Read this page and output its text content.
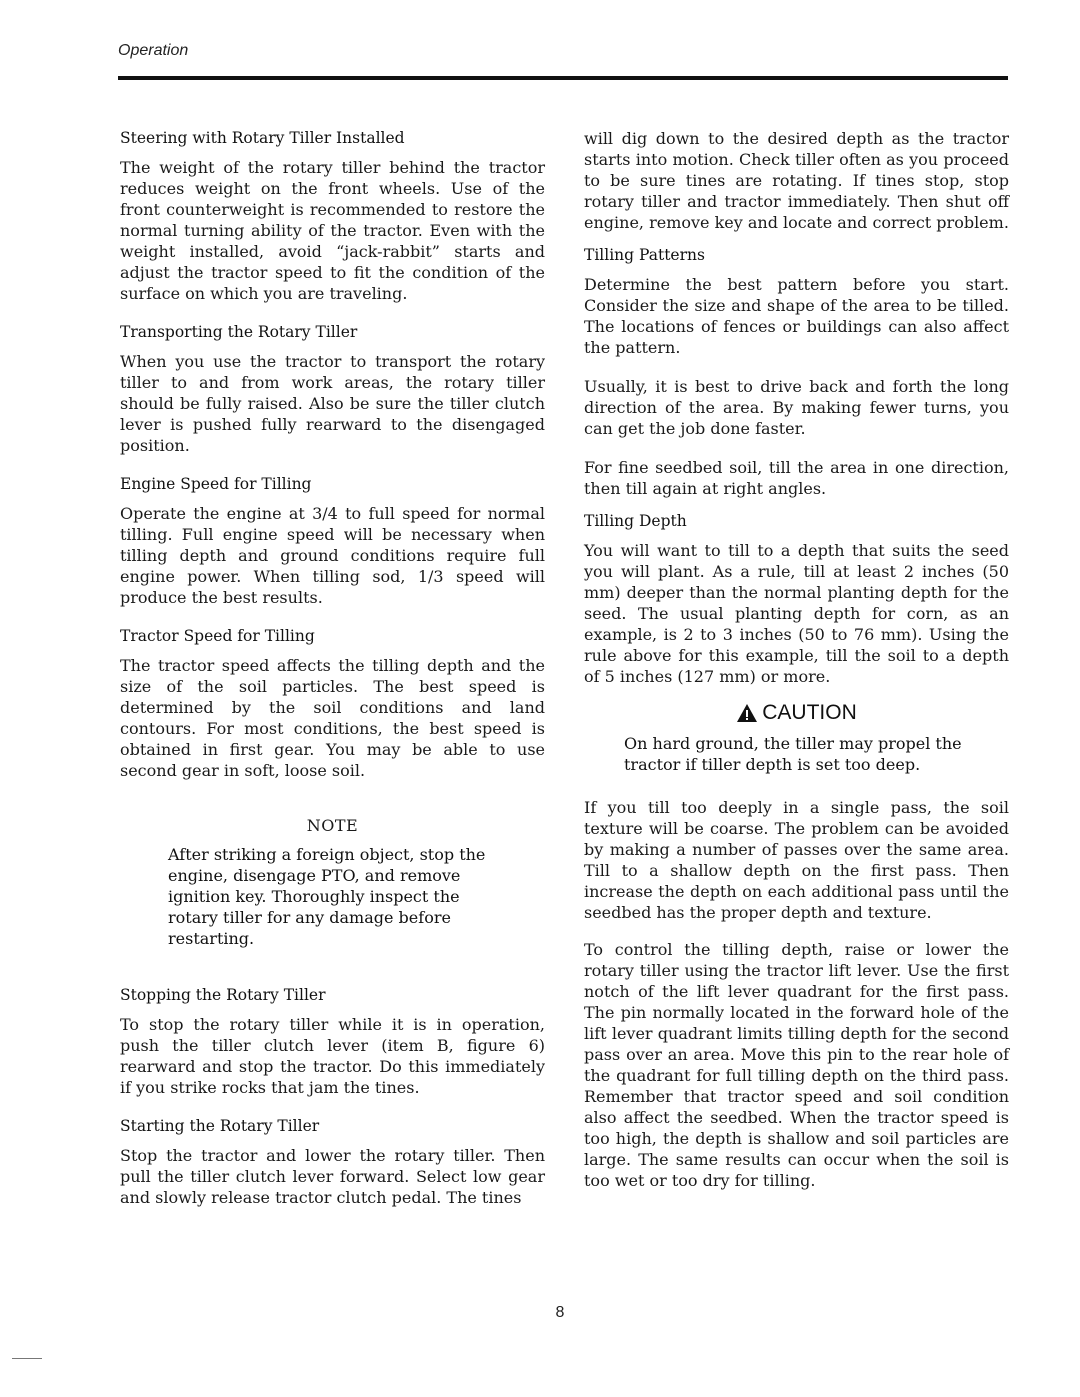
Operation

Steering with Rotary Tiller Installed

The weight of the rotary tiller behind the tractor reduces weight on the front wheels. Use of the front counterweight is recommended to restore the normal turning ability of the tractor. Even with the weight installed, avoid “jack-rabbit” starts and adjust the tractor speed to fit the condition of the surface on which you are traveling.

Transporting the Rotary Tiller

When you use the tractor to transport the rotary tiller to and from work areas, the rotary tiller should be fully raised. Also be sure the tiller clutch lever is pushed fully rearward to the disengaged position.

Engine Speed for Tilling

Operate the engine at 3/4 to full speed for normal tilling. Full engine speed will be necessary when tilling depth and ground conditions require full engine power. When tilling sod, 1/3 speed will produce the best results.

Tractor Speed for Tilling

The tractor speed affects the tilling depth and the size of the soil particles. The best speed is determined by the soil conditions and land contours. For most conditions, the best speed is obtained in first gear. You may be able to use second gear in soft, loose soil.

NOTE

After striking a foreign object, stop the engine, disengage PTO, and remove ignition key. Thoroughly inspect the rotary tiller for any damage before restarting.

Stopping the Rotary Tiller

To stop the rotary tiller while it is in operation, push the tiller clutch lever (item B, figure 6) rearward and stop the tractor. Do this immediately if you strike rocks that jam the tines.

Starting the Rotary Tiller

Stop the tractor and lower the rotary tiller. Then pull the tiller clutch lever forward. Select low gear and slowly release tractor clutch pedal. The tines

will dig down to the desired depth as the tractor starts into motion. Check tiller often as you proceed to be sure tines are rotating. If tines stop, stop rotary tiller and tractor immediately. Then shut off engine, remove key and locate and correct problem.

Tilling Patterns

Determine the best pattern before you start. Consider the size and shape of the area to be tilled. The locations of fences or buildings can also affect the pattern.

Usually, it is best to drive back and forth the long direction of the area. By making fewer turns, you can get the job done faster.

For fine seedbed soil, till the area in one direction, then till again at right angles.

Tilling Depth

You will want to till to a depth that suits the seed you will plant. As a rule, till at least 2 inches (50 mm) deeper than the normal planting depth for the seed. The usual planting depth for corn, as an example, is 2 to 3 inches (50 to 76 mm). Using the rule above for this example, till the soil to a depth of 5 inches (127 mm) or more.

CAUTION

On hard ground, the tiller may propel the tractor if tiller depth is set too deep.

If you till too deeply in a single pass, the soil texture will be coarse. The problem can be avoided by making a number of passes over the same area. Till to a shallow depth on the first pass. Then increase the depth on each additional pass until the seedbed has the proper depth and texture.

To control the tilling depth, raise or lower the rotary tiller using the tractor lift lever. Use the first notch of the lift lever quadrant for the first pass. The pin normally located in the forward hole of the lift lever quadrant limits tilling depth for the second pass over an area. Move this pin to the rear hole of the quadrant for full tilling depth on the third pass. Remember that tractor speed and soil condition also affect the seedbed. When the tractor speed is too high, the depth is shallow and soil particles are large. The same results can occur when the soil is too wet or too dry for tilling.

8
